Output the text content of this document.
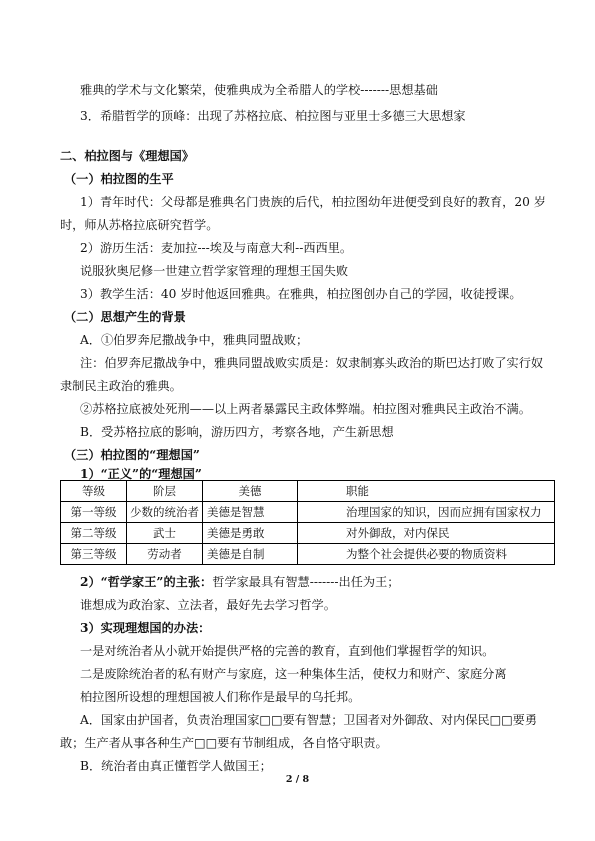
雅典的学术与文化繁荣，使雅典成为全希腊人的学校-------思想基础
3．希腊哲学的顶峰：出现了苏格拉底、柏拉图与亚里士多德三大思想家
二、柏拉图与《理想国》
（一）柏拉图的生平
1）青年时代：父母都是雅典名门贵族的后代，柏拉图幼年进便受到良好的教育，20 岁
时，师从苏格拉底研究哲学。
2）游历生活：麦加拉---埃及与南意大利--西西里。
说服狄奥尼修一世建立哲学家管理的理想王国失败
3）教学生活：40 岁时他返回雅典。在雅典，柏拉图创办自己的学园，收徒授课。
（二）思想产生的背景
A．①伯罗奔尼撒战争中，雅典同盟战败；
注：伯罗奔尼撒战争中，雅典同盟战败实质是：奴隶制寡头政治的斯巴达打败了实行奴
隶制民主政治的雅典。
②苏格拉底被处死刑——以上两者暴露民主政体弊端。柏拉图对雅典民主政治不满。
B．受苏格拉底的影响，游历四方，考察各地，产生新思想
（三）柏拉图的“理想国”
1）“正义”的“理想国”
等级	阶层	美德	职能
第一等级	少数的统治者	美德是智慧	治理国家的知识，因而应拥有国家权力
第二等级	武士	美德是勇敢	对外御敌，对内保民
第三等级	劳动者	美德是自制	为整个社会提供必要的物质资料
2）“哲学家王”的主张：哲学家最具有智慧-------出任为王；
谁想成为政治家、立法者，最好先去学习哲学。
3）实现理想国的办法：
一是对统治者从小就开始提供严格的完善的教育，直到他们掌握哲学的知识。
二是废除统治者的私有财产与家庭，这一种集体生活，使权力和财产、家庭分离
柏拉图所设想的理想国被人们称作是最早的乌托邦。
A．国家由护国者，负责治理国家□□要有智慧；卫国者对外御敌、对内保民□□要勇
敢；生产者从事各种生产□□要有节制组成，各自恪守职责。
B．统治者由真正懂哲学人做国王；
2 / 8
